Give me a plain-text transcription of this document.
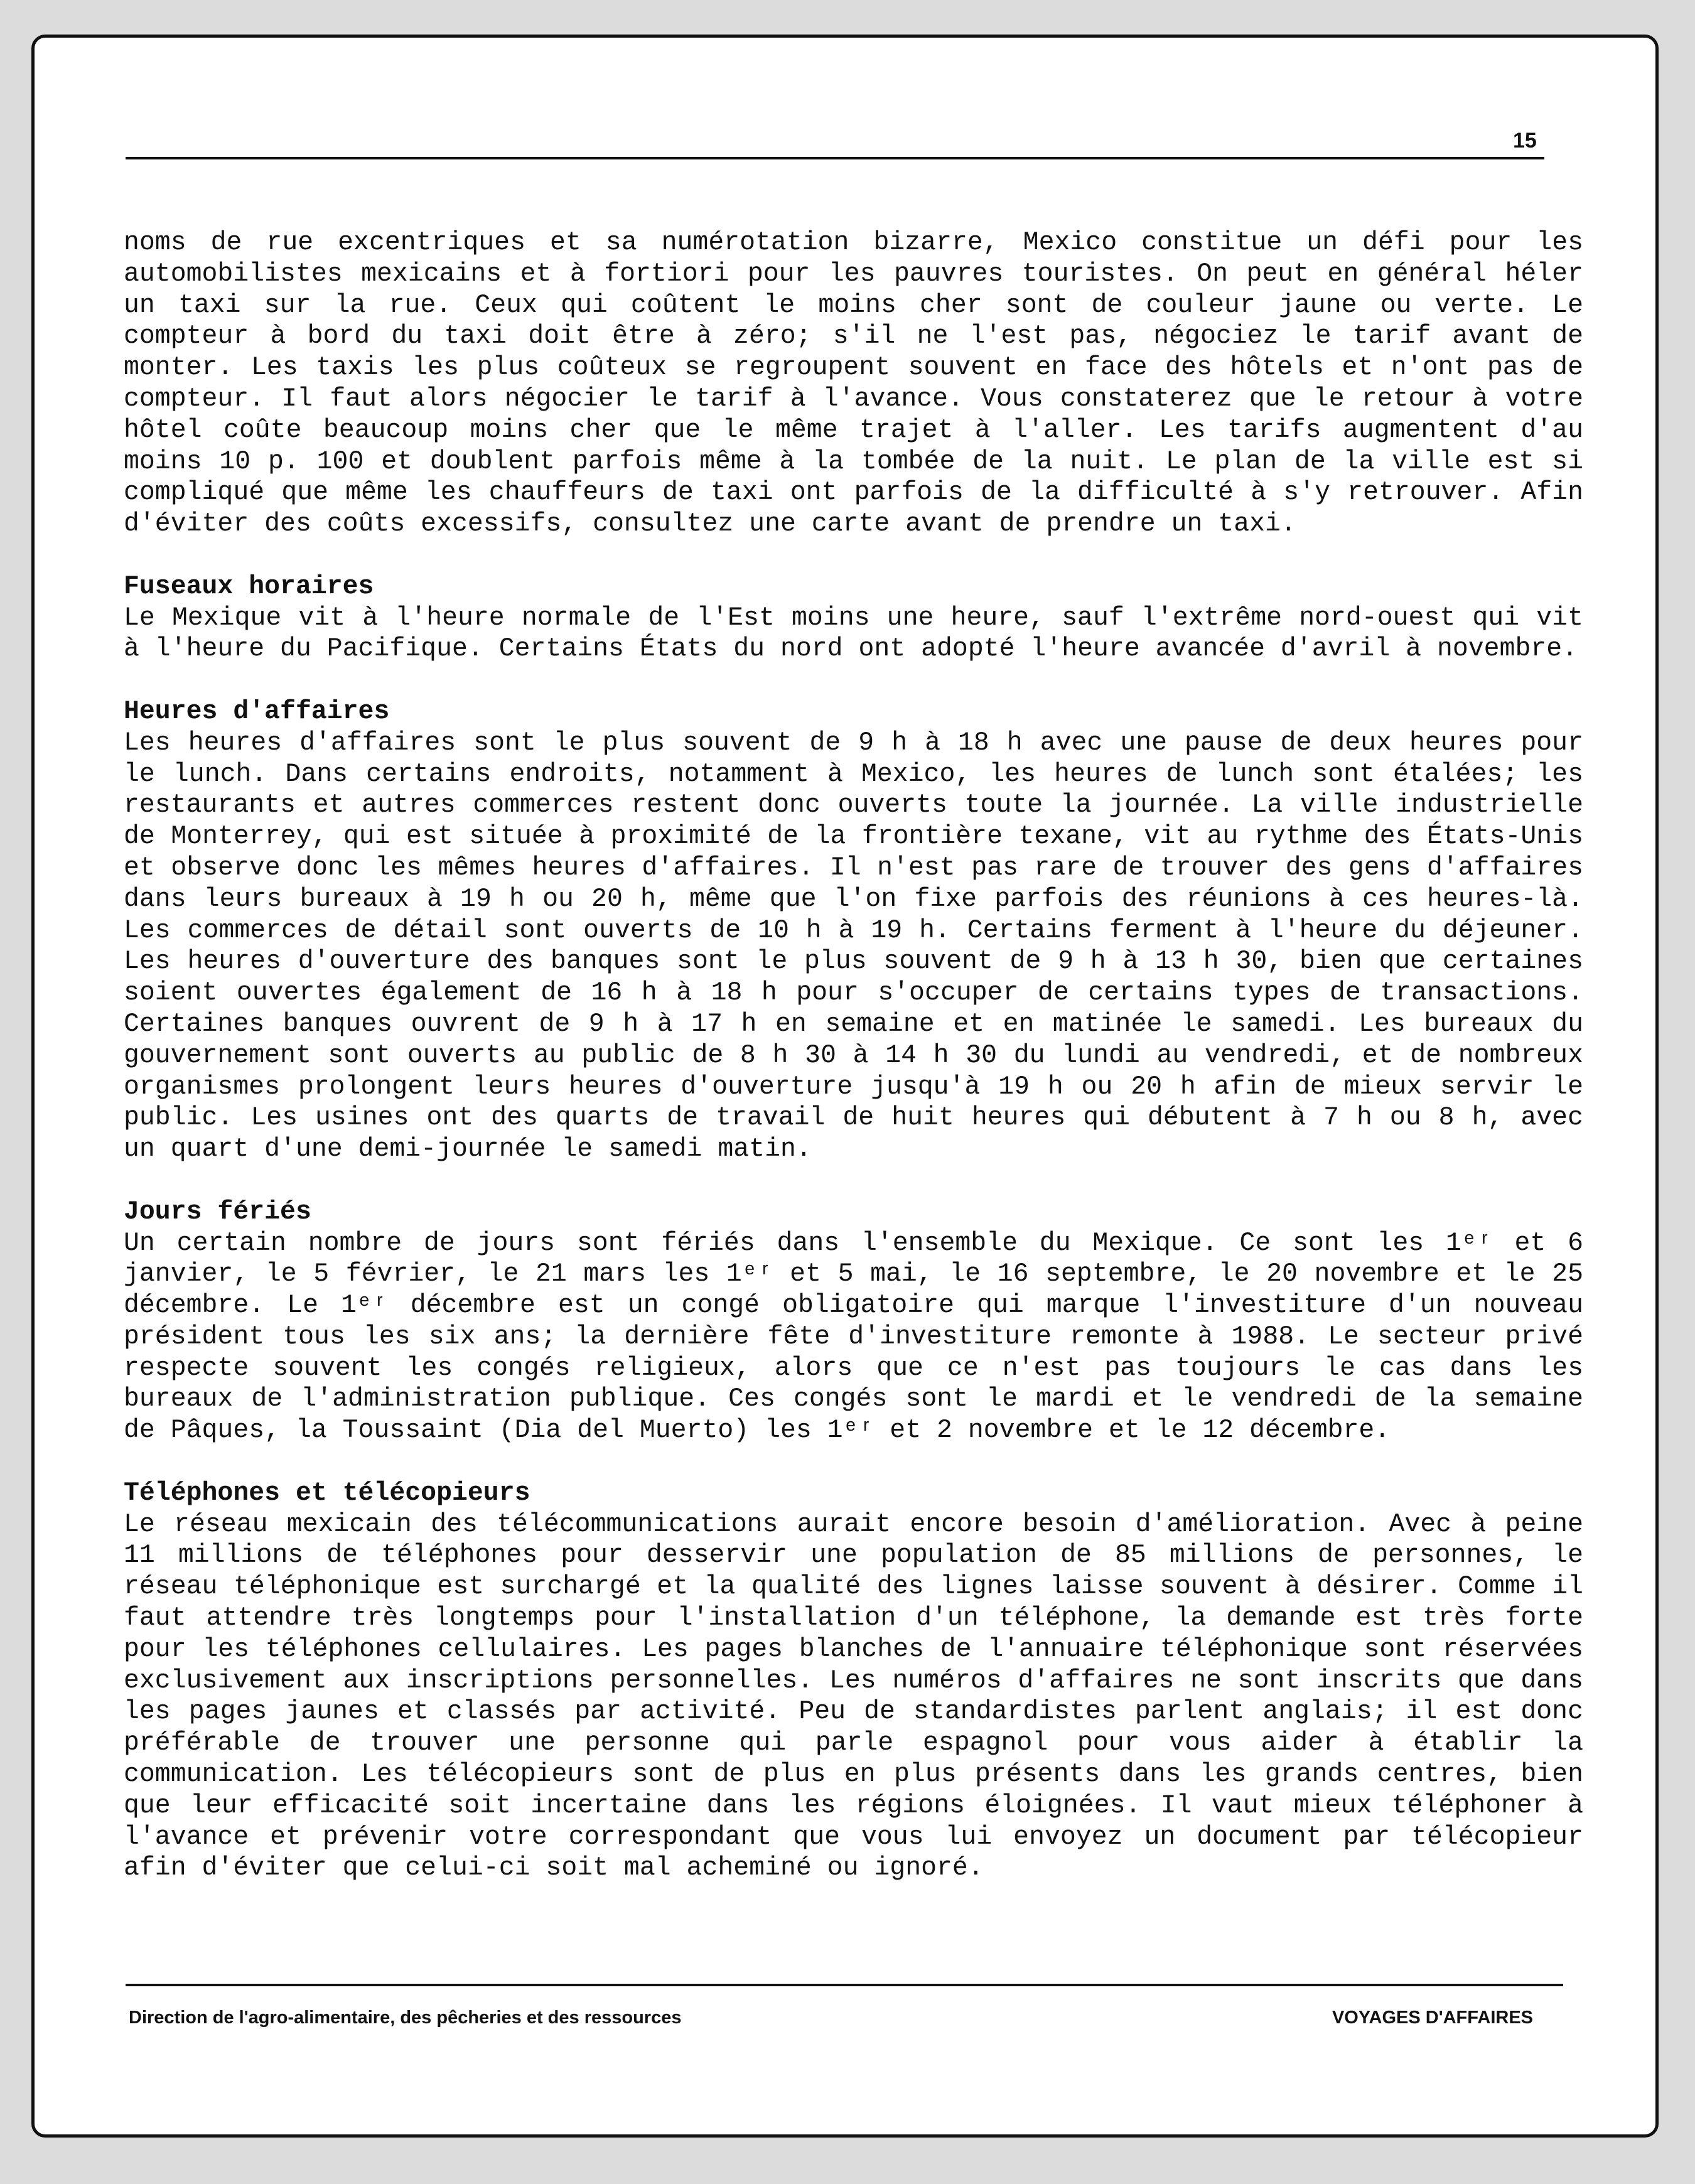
15

noms de rue excentriques et sa numérotation bizarre, Mexico constitue un défi pour les automobilistes mexicains et à fortiori pour les pauvres touristes. On peut en général héler un taxi sur la rue. Ceux qui coûtent le moins cher sont de couleur jaune ou verte. Le compteur à bord du taxi doit être à zéro; s'il ne l'est pas, négociez le tarif avant de monter. Les taxis les plus coûteux se regroupent souvent en face des hôtels et n'ont pas de compteur. Il faut alors négocier le tarif à l'avance. Vous constaterez que le retour à votre hôtel coûte beaucoup moins cher que le même trajet à l'aller. Les tarifs augmentent d'au moins 10 p. 100 et doublent parfois même à la tombée de la nuit. Le plan de la ville est si compliqué que même les chauffeurs de taxi ont parfois de la difficulté à s'y retrouver. Afin d'éviter des coûts excessifs, consultez une carte avant de prendre un taxi.

Fuseaux horaires

Le Mexique vit à l'heure normale de l'Est moins une heure, sauf l'extrême nord-ouest qui vit à l'heure du Pacifique. Certains États du nord ont adopté l'heure avancée d'avril à novembre.

Heures d'affaires

Les heures d'affaires sont le plus souvent de 9 h à 18 h avec une pause de deux heures pour le lunch. Dans certains endroits, notamment à Mexico, les heures de lunch sont étalées; les restaurants et autres commerces restent donc ouverts toute la journée. La ville industrielle de Monterrey, qui est située à proximité de la frontière texane, vit au rythme des États-Unis et observe donc les mêmes heures d'affaires. Il n'est pas rare de trouver des gens d'affaires dans leurs bureaux à 19 h ou 20 h, même que l'on fixe parfois des réunions à ces heures-là. Les commerces de détail sont ouverts de 10 h à 19 h. Certains ferment à l'heure du déjeuner. Les heures d'ouverture des banques sont le plus souvent de 9 h à 13 h 30, bien que certaines soient ouvertes également de 16 h à 18 h pour s'occuper de certains types de transactions. Certaines banques ouvrent de 9 h à 17 h en semaine et en matinée le samedi. Les bureaux du gouvernement sont ouverts au public de 8 h 30 à 14 h 30 du lundi au vendredi, et de nombreux organismes prolongent leurs heures d'ouverture jusqu'à 19 h ou 20 h afin de mieux servir le public. Les usines ont des quarts de travail de huit heures qui débutent à 7 h ou 8 h, avec un quart d'une demi-journée le samedi matin.

Jours fériés

Un certain nombre de jours sont fériés dans l'ensemble du Mexique. Ce sont les 1ᵉʳ et 6 janvier, le 5 février, le 21 mars les 1ᵉʳ et 5 mai, le 16 septembre, le 20 novembre et le 25 décembre. Le 1ᵉʳ décembre est un congé obligatoire qui marque l'investiture d'un nouveau président tous les six ans; la dernière fête d'investiture remonte à 1988. Le secteur privé respecte souvent les congés religieux, alors que ce n'est pas toujours le cas dans les bureaux de l'administration publique. Ces congés sont le mardi et le vendredi de la semaine de Pâques, la Toussaint (Dia del Muerto) les 1ᵉʳ et 2 novembre et le 12 décembre.

Téléphones et télécopieurs

Le réseau mexicain des télécommunications aurait encore besoin d'amélioration. Avec à peine 11 millions de téléphones pour desservir une population de 85 millions de personnes, le réseau téléphonique est surchargé et la qualité des lignes laisse souvent à désirer. Comme il faut attendre très longtemps pour l'installation d'un téléphone, la demande est très forte pour les téléphones cellulaires. Les pages blanches de l'annuaire téléphonique sont réservées exclusivement aux inscriptions personnelles. Les numéros d'affaires ne sont inscrits que dans les pages jaunes et classés par activité. Peu de standardistes parlent anglais; il est donc préférable de trouver une personne qui parle espagnol pour vous aider à établir la communication. Les télécopieurs sont de plus en plus présents dans les grands centres, bien que leur efficacité soit incertaine dans les régions éloignées. Il vaut mieux téléphoner à l'avance et prévenir votre correspondant que vous lui envoyez un document par télécopieur afin d'éviter que celui-ci soit mal acheminé ou ignoré.

Direction de l'agro-alimentaire, des pêcheries et des ressources	VOYAGES D'AFFAIRES
